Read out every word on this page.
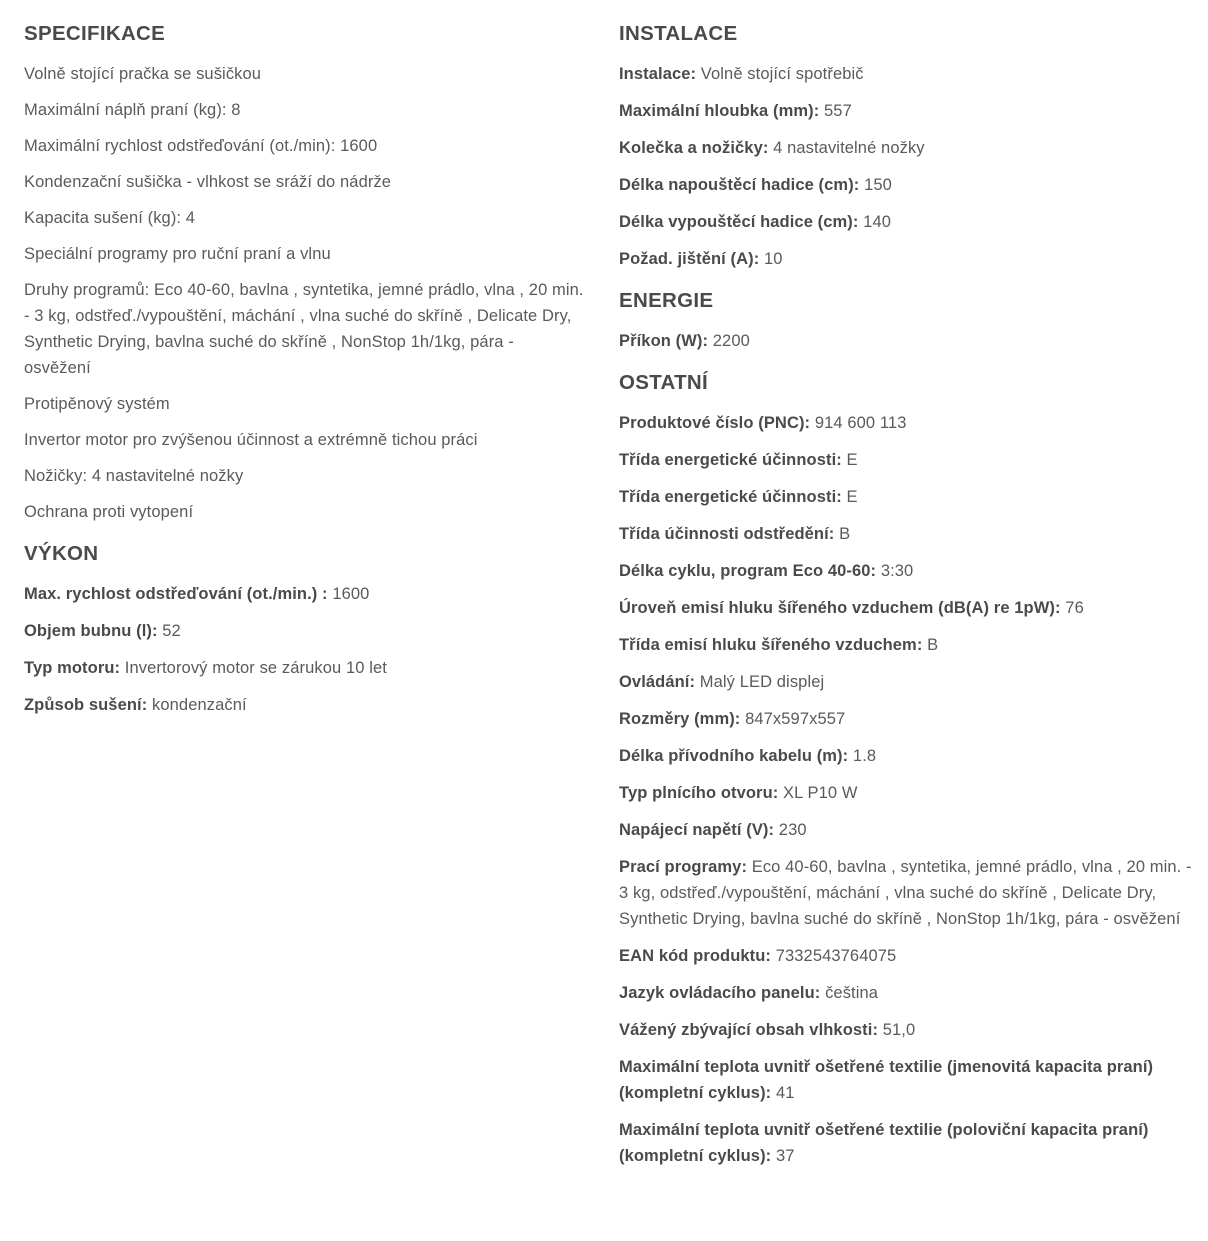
SPECIFIKACE
Volně stojící pračka se sušičkou
Maximální náplň praní (kg): 8
Maximální rychlost odstřeďování (ot./min): 1600
Kondenzační sušička - vlhkost se sráží do nádrže
Kapacita sušení (kg): 4
Speciální programy pro ruční praní a vlnu
Druhy programů: Eco 40-60, bavlna , syntetika, jemné prádlo, vlna , 20 min. - 3 kg, odstřeď./vypouštění, máchání , vlna suché do skříně , Delicate Dry, Synthetic Drying, bavlna suché do skříně , NonStop 1h/1kg, pára - osvěžení
Protipěnový systém
Invertor motor pro zvýšenou účinnost a extrémně tichou práci
Nožičky: 4 nastavitelné nožky
Ochrana proti vytopení
VÝKON
Max. rychlost odstřeďování (ot./min.) : 1600
Objem bubnu (l): 52
Typ motoru: Invertorový motor se zárukou 10 let
Způsob sušení: kondenzační
INSTALACE
Instalace: Volně stojící spotřebič
Maximální hloubka (mm): 557
Kolečka a nožičky: 4 nastavitelné nožky
Délka napouštěcí hadice (cm): 150
Délka vypouštěcí hadice (cm): 140
Požad. jištění (A): 10
ENERGIE
Příkon (W): 2200
OSTATNÍ
Produktové číslo (PNC): 914 600 113
Třída energetické účinnosti: E
Třída energetické účinnosti: E
Třída účinnosti odstředění: B
Délka cyklu, program Eco 40-60: 3:30
Úroveň emisí hluku šířeného vzduchem (dB(A) re 1pW): 76
Třída emisí hluku šířeného vzduchem: B
Ovládání: Malý LED displej
Rozměry (mm): 847x597x557
Délka přívodního kabelu (m): 1.8
Typ plnícího otvoru: XL P10 W
Napájecí napětí (V): 230
Prací programy: Eco 40-60, bavlna , syntetika, jemné prádlo, vlna , 20 min. - 3 kg, odstřeď./vypouštění, máchání , vlna suché do skříně , Delicate Dry, Synthetic Drying, bavlna suché do skříně , NonStop 1h/1kg, pára - osvěžení
EAN kód produktu: 7332543764075
Jazyk ovládacího panelu: čeština
Vážený zbývající obsah vlhkosti: 51,0
Maximální teplota uvnitř ošetřené textilie (jmenovitá kapacita praní) (kompletní cyklus): 41
Maximální teplota uvnitř ošetřené textilie (poloviční kapacita praní) (kompletní cyklus): 37
